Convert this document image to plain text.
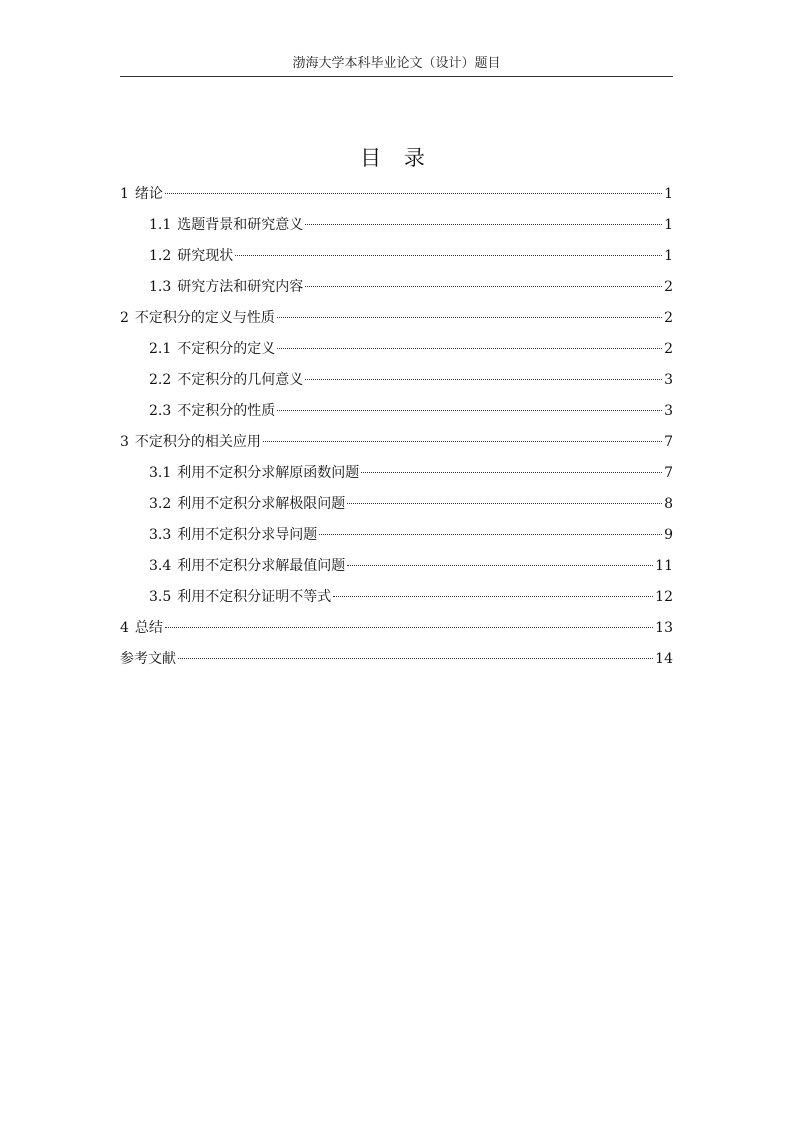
渤海大学本科毕业论文（设计）题目
目 录
1 绪论	1
1.1 选题背景和研究意义	1
1.2 研究现状	1
1.3 研究方法和研究内容	2
2 不定积分的定义与性质	2
2.1 不定积分的定义	2
2.2 不定积分的几何意义	3
2.3 不定积分的性质	3
3 不定积分的相关应用	7
3.1 利用不定积分求解原函数问题	7
3.2 利用不定积分求解极限问题	8
3.3 利用不定积分求导问题	9
3.4 利用不定积分求解最值问题	11
3.5 利用不定积分证明不等式	12
4 总结	13
参考文献	14
